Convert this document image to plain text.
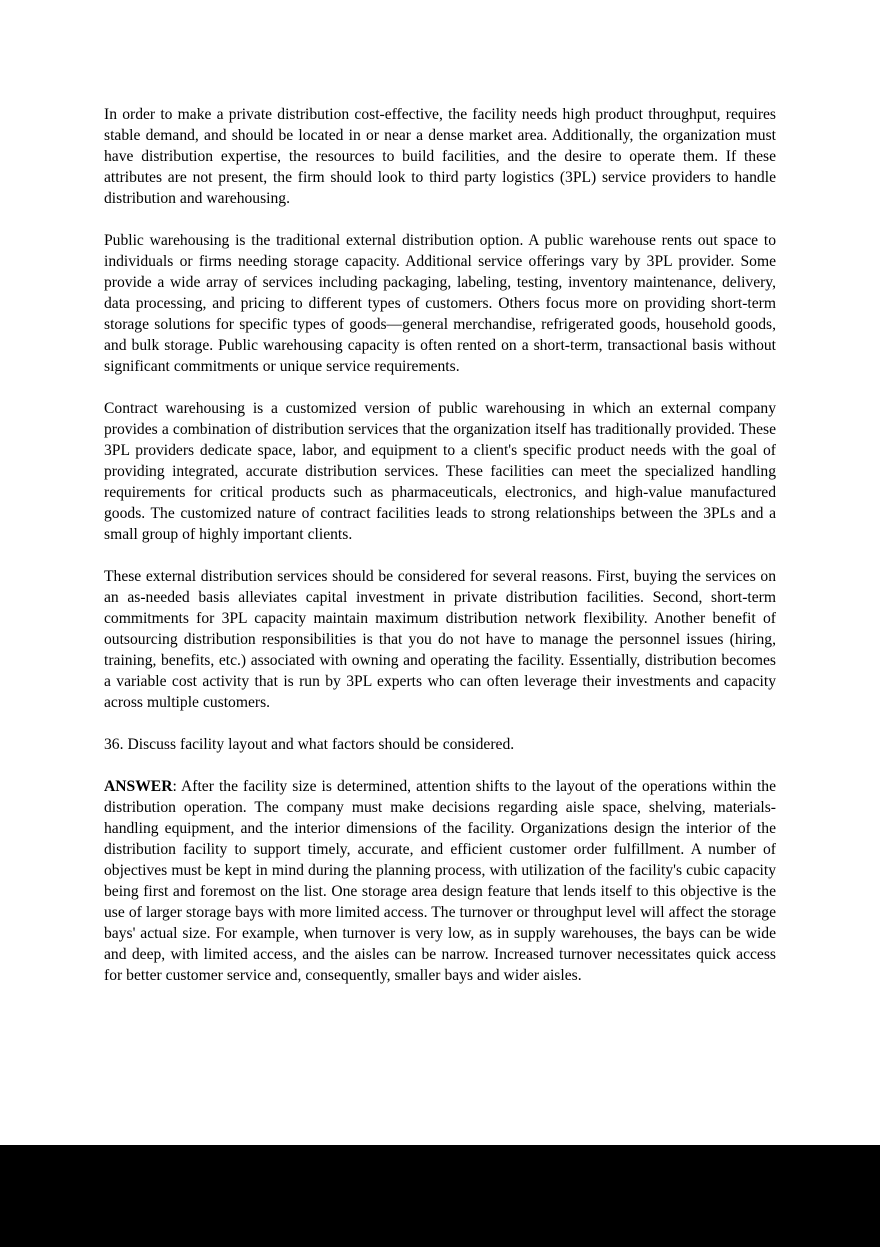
In order to make a private distribution cost-effective, the facility needs high product throughput, requires stable demand, and should be located in or near a dense market area. Additionally, the organization must have distribution expertise, the resources to build facilities, and the desire to operate them. If these attributes are not present, the firm should look to third party logistics (3PL) service providers to handle distribution and warehousing.

Public warehousing is the traditional external distribution option. A public warehouse rents out space to individuals or firms needing storage capacity. Additional service offerings vary by 3PL provider. Some provide a wide array of services including packaging, labeling, testing, inventory maintenance, delivery, data processing, and pricing to different types of customers. Others focus more on providing short-term storage solutions for specific types of goods—general merchandise, refrigerated goods, household goods, and bulk storage. Public warehousing capacity is often rented on a short-term, transactional basis without significant commitments or unique service requirements.

Contract warehousing is a customized version of public warehousing in which an external company provides a combination of distribution services that the organization itself has traditionally provided. These 3PL providers dedicate space, labor, and equipment to a client's specific product needs with the goal of providing integrated, accurate distribution services. These facilities can meet the specialized handling requirements for critical products such as pharmaceuticals, electronics, and high-value manufactured goods. The customized nature of contract facilities leads to strong relationships between the 3PLs and a small group of highly important clients.

These external distribution services should be considered for several reasons. First, buying the services on an as-needed basis alleviates capital investment in private distribution facilities. Second, short-term commitments for 3PL capacity maintain maximum distribution network flexibility. Another benefit of outsourcing distribution responsibilities is that you do not have to manage the personnel issues (hiring, training, benefits, etc.) associated with owning and operating the facility. Essentially, distribution becomes a variable cost activity that is run by 3PL experts who can often leverage their investments and capacity across multiple customers.

36. Discuss facility layout and what factors should be considered.

ANSWER: After the facility size is determined, attention shifts to the layout of the operations within the distribution operation. The company must make decisions regarding aisle space, shelving, materials-handling equipment, and the interior dimensions of the facility. Organizations design the interior of the distribution facility to support timely, accurate, and efficient customer order fulfillment. A number of objectives must be kept in mind during the planning process, with utilization of the facility's cubic capacity being first and foremost on the list. One storage area design feature that lends itself to this objective is the use of larger storage bays with more limited access. The turnover or throughput level will affect the storage bays' actual size. For example, when turnover is very low, as in supply warehouses, the bays can be wide and deep, with limited access, and the aisles can be narrow. Increased turnover necessitates quick access for better customer service and, consequently, smaller bays and wider aisles.
